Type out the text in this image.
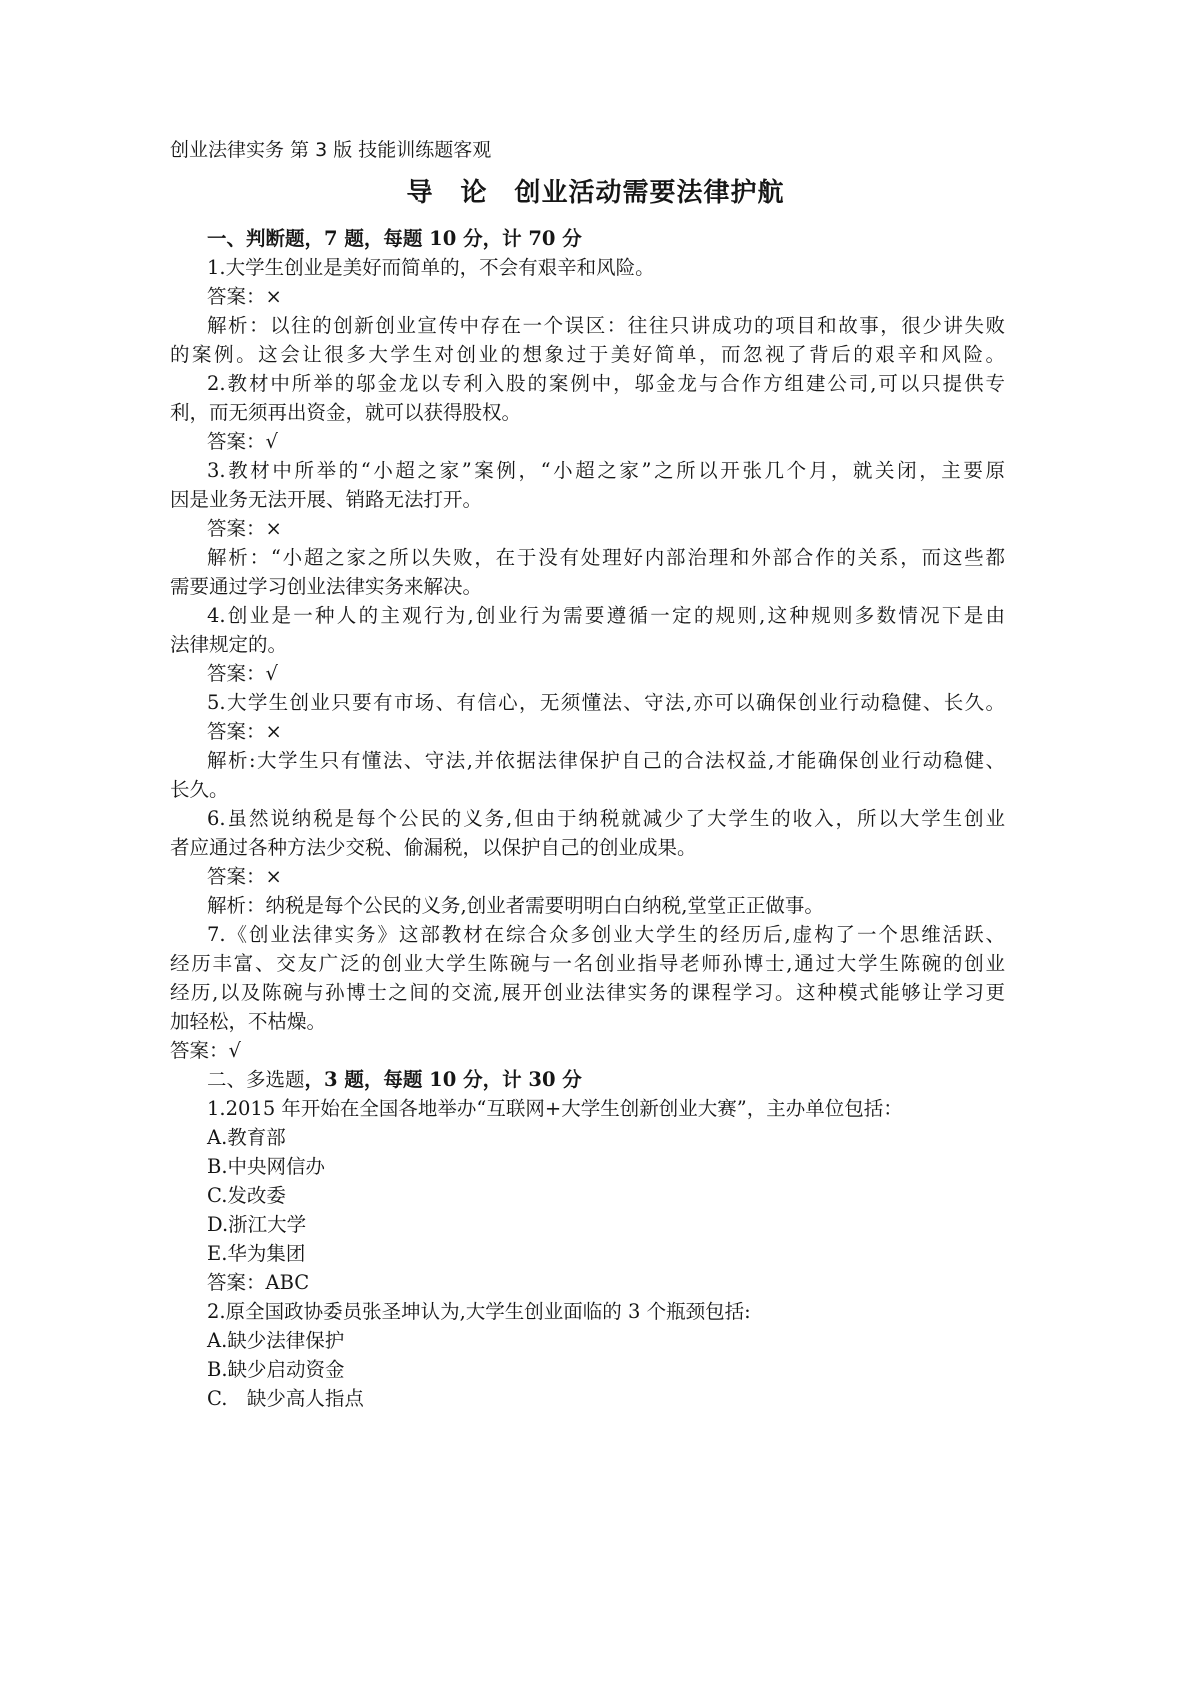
创业法律实务 第 3 版 技能训练题客观
导　论　创业活动需要法律护航
一、判断题，7 题，每题 10 分，计 70 分
1.大学生创业是美好而简单的，不会有艰辛和风险。
答案：×
解析：以往的创新创业宣传中存在一个误区：往往只讲成功的项目和故事，很少讲失败
的案例。这会让很多大学生对创业的想象过于美好简单，而忽视了背后的艰辛和风险。
2.教材中所举的邬金龙以专利入股的案例中，邬金龙与合作方组建公司,可以只提供专
利，而无须再出资金，就可以获得股权。
答案：√
3.教材中所举的“小超之家”案例，“小超之家”之所以开张几个月，就关闭，主要原
因是业务无法开展、销路无法打开。
答案：×
解析：“小超之家之所以失败，在于没有处理好内部治理和外部合作的关系，而这些都
需要通过学习创业法律实务来解决。
4.创业是一种人的主观行为,创业行为需要遵循一定的规则,这种规则多数情况下是由
法律规定的。
答案：√
5.大学生创业只要有市场、有信心，无须懂法、守法,亦可以确保创业行动稳健、长久。
答案：×
解析:大学生只有懂法、守法,并依据法律保护自己的合法权益,才能确保创业行动稳健、
长久。
6.虽然说纳税是每个公民的义务,但由于纳税就减少了大学生的收入，所以大学生创业
者应通过各种方法少交税、偷漏税，以保护自己的创业成果。
答案：×
解析：纳税是每个公民的义务,创业者需要明明白白纳税,堂堂正正做事。
7.《创业法律实务》这部教材在综合众多创业大学生的经历后,虚构了一个思维活跃、
经历丰富、交友广泛的创业大学生陈碗与一名创业指导老师孙博士,通过大学生陈碗的创业
经历,以及陈碗与孙博士之间的交流,展开创业法律实务的课程学习。这种模式能够让学习更
加轻松，不枯燥。
答案：√
二、多选题，3 题，每题 10 分，计 30 分
1.2015 年开始在全国各地举办“互联网+大学生创新创业大赛”，主办单位包括：
A.教育部
B.中央网信办
C.发改委
D.浙江大学
E.华为集团
答案：ABC
2.原全国政协委员张圣坤认为,大学生创业面临的 3 个瓶颈包括:
A.缺少法律保护
B.缺少启动资金
C.　缺少高人指点
